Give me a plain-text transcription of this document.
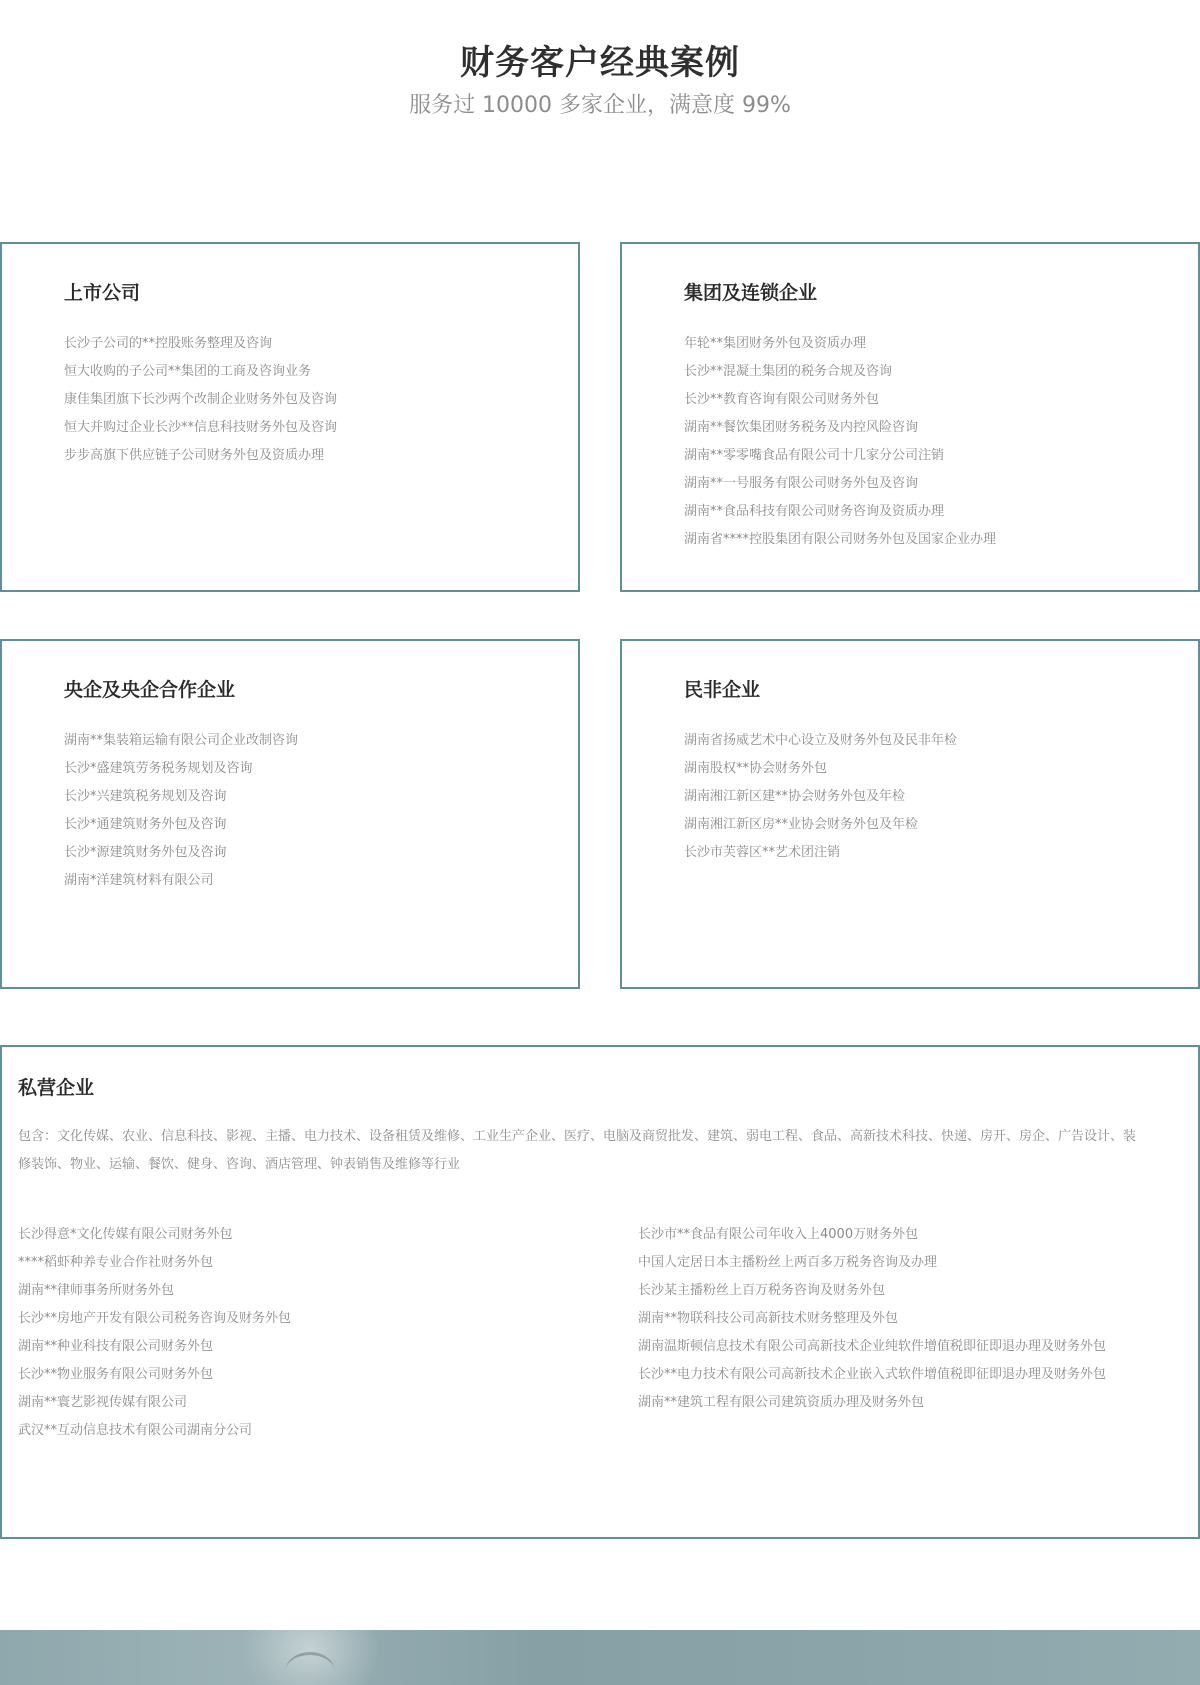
财务客户经典案例

服务过 10000 多家企业，满意度 99%

上市公司
长沙子公司的**控股账务整理及咨询
恒大收购的子公司**集团的工商及咨询业务
康佳集团旗下长沙两个改制企业财务外包及咨询
恒大并购过企业长沙**信息科技财务外包及咨询
步步高旗下供应链子公司财务外包及资质办理
集团及连锁企业
年轮**集团财务外包及资质办理
长沙**混凝土集团的税务合规及咨询
长沙**教育咨询有限公司财务外包
湖南**餐饮集团财务税务及内控风险咨询
湖南**零零嘴食品有限公司十几家分公司注销
湖南**一号服务有限公司财务外包及咨询
湖南**食品科技有限公司财务咨询及资质办理
湖南省****控股集团有限公司财务外包及国家企业办理
央企及央企合作企业
湖南**集装箱运输有限公司企业改制咨询
长沙*盛建筑劳务税务规划及咨询
长沙*兴建筑税务规划及咨询
长沙*通建筑财务外包及咨询
长沙*源建筑财务外包及咨询
湖南*洋建筑材料有限公司
民非企业
湖南省扬威艺术中心设立及财务外包及民非年检
湖南股权**协会财务外包
湖南湘江新区建**协会财务外包及年检
湖南湘江新区房**业协会财务外包及年检
长沙市芙蓉区**艺术团注销
私营企业

包含：文化传媒、农业、信息科技、影视、主播、电力技术、设备租赁及维修、工业生产企业、医疗、电脑及商贸批发、建筑、弱电工程、食品、高新技术科技、快递、房开、房企、广告设计、装修装饰、物业、运输、餐饮、健身、咨询、酒店管理、钟表销售及维修等行业

长沙得意*文化传媒有限公司财务外包
****稻虾种养专业合作社财务外包
湖南**律师事务所财务外包
长沙**房地产开发有限公司税务咨询及财务外包
湖南**种业科技有限公司财务外包
长沙**物业服务有限公司财务外包
湖南**寰艺影视传媒有限公司
武汉**互动信息技术有限公司湖南分公司
长沙市**食品有限公司年收入上4000万财务外包
中国人定居日本主播粉丝上两百多万税务咨询及办理
长沙某主播粉丝上百万税务咨询及财务外包
湖南**物联科技公司高新技术财务整理及外包
湖南温斯顿信息技术有限公司高新技术企业纯软件增值税即征即退办理及财务外包
长沙**电力技术有限公司高新技术企业嵌入式软件增值税即征即退办理及财务外包
湖南**建筑工程有限公司建筑资质办理及财务外包
